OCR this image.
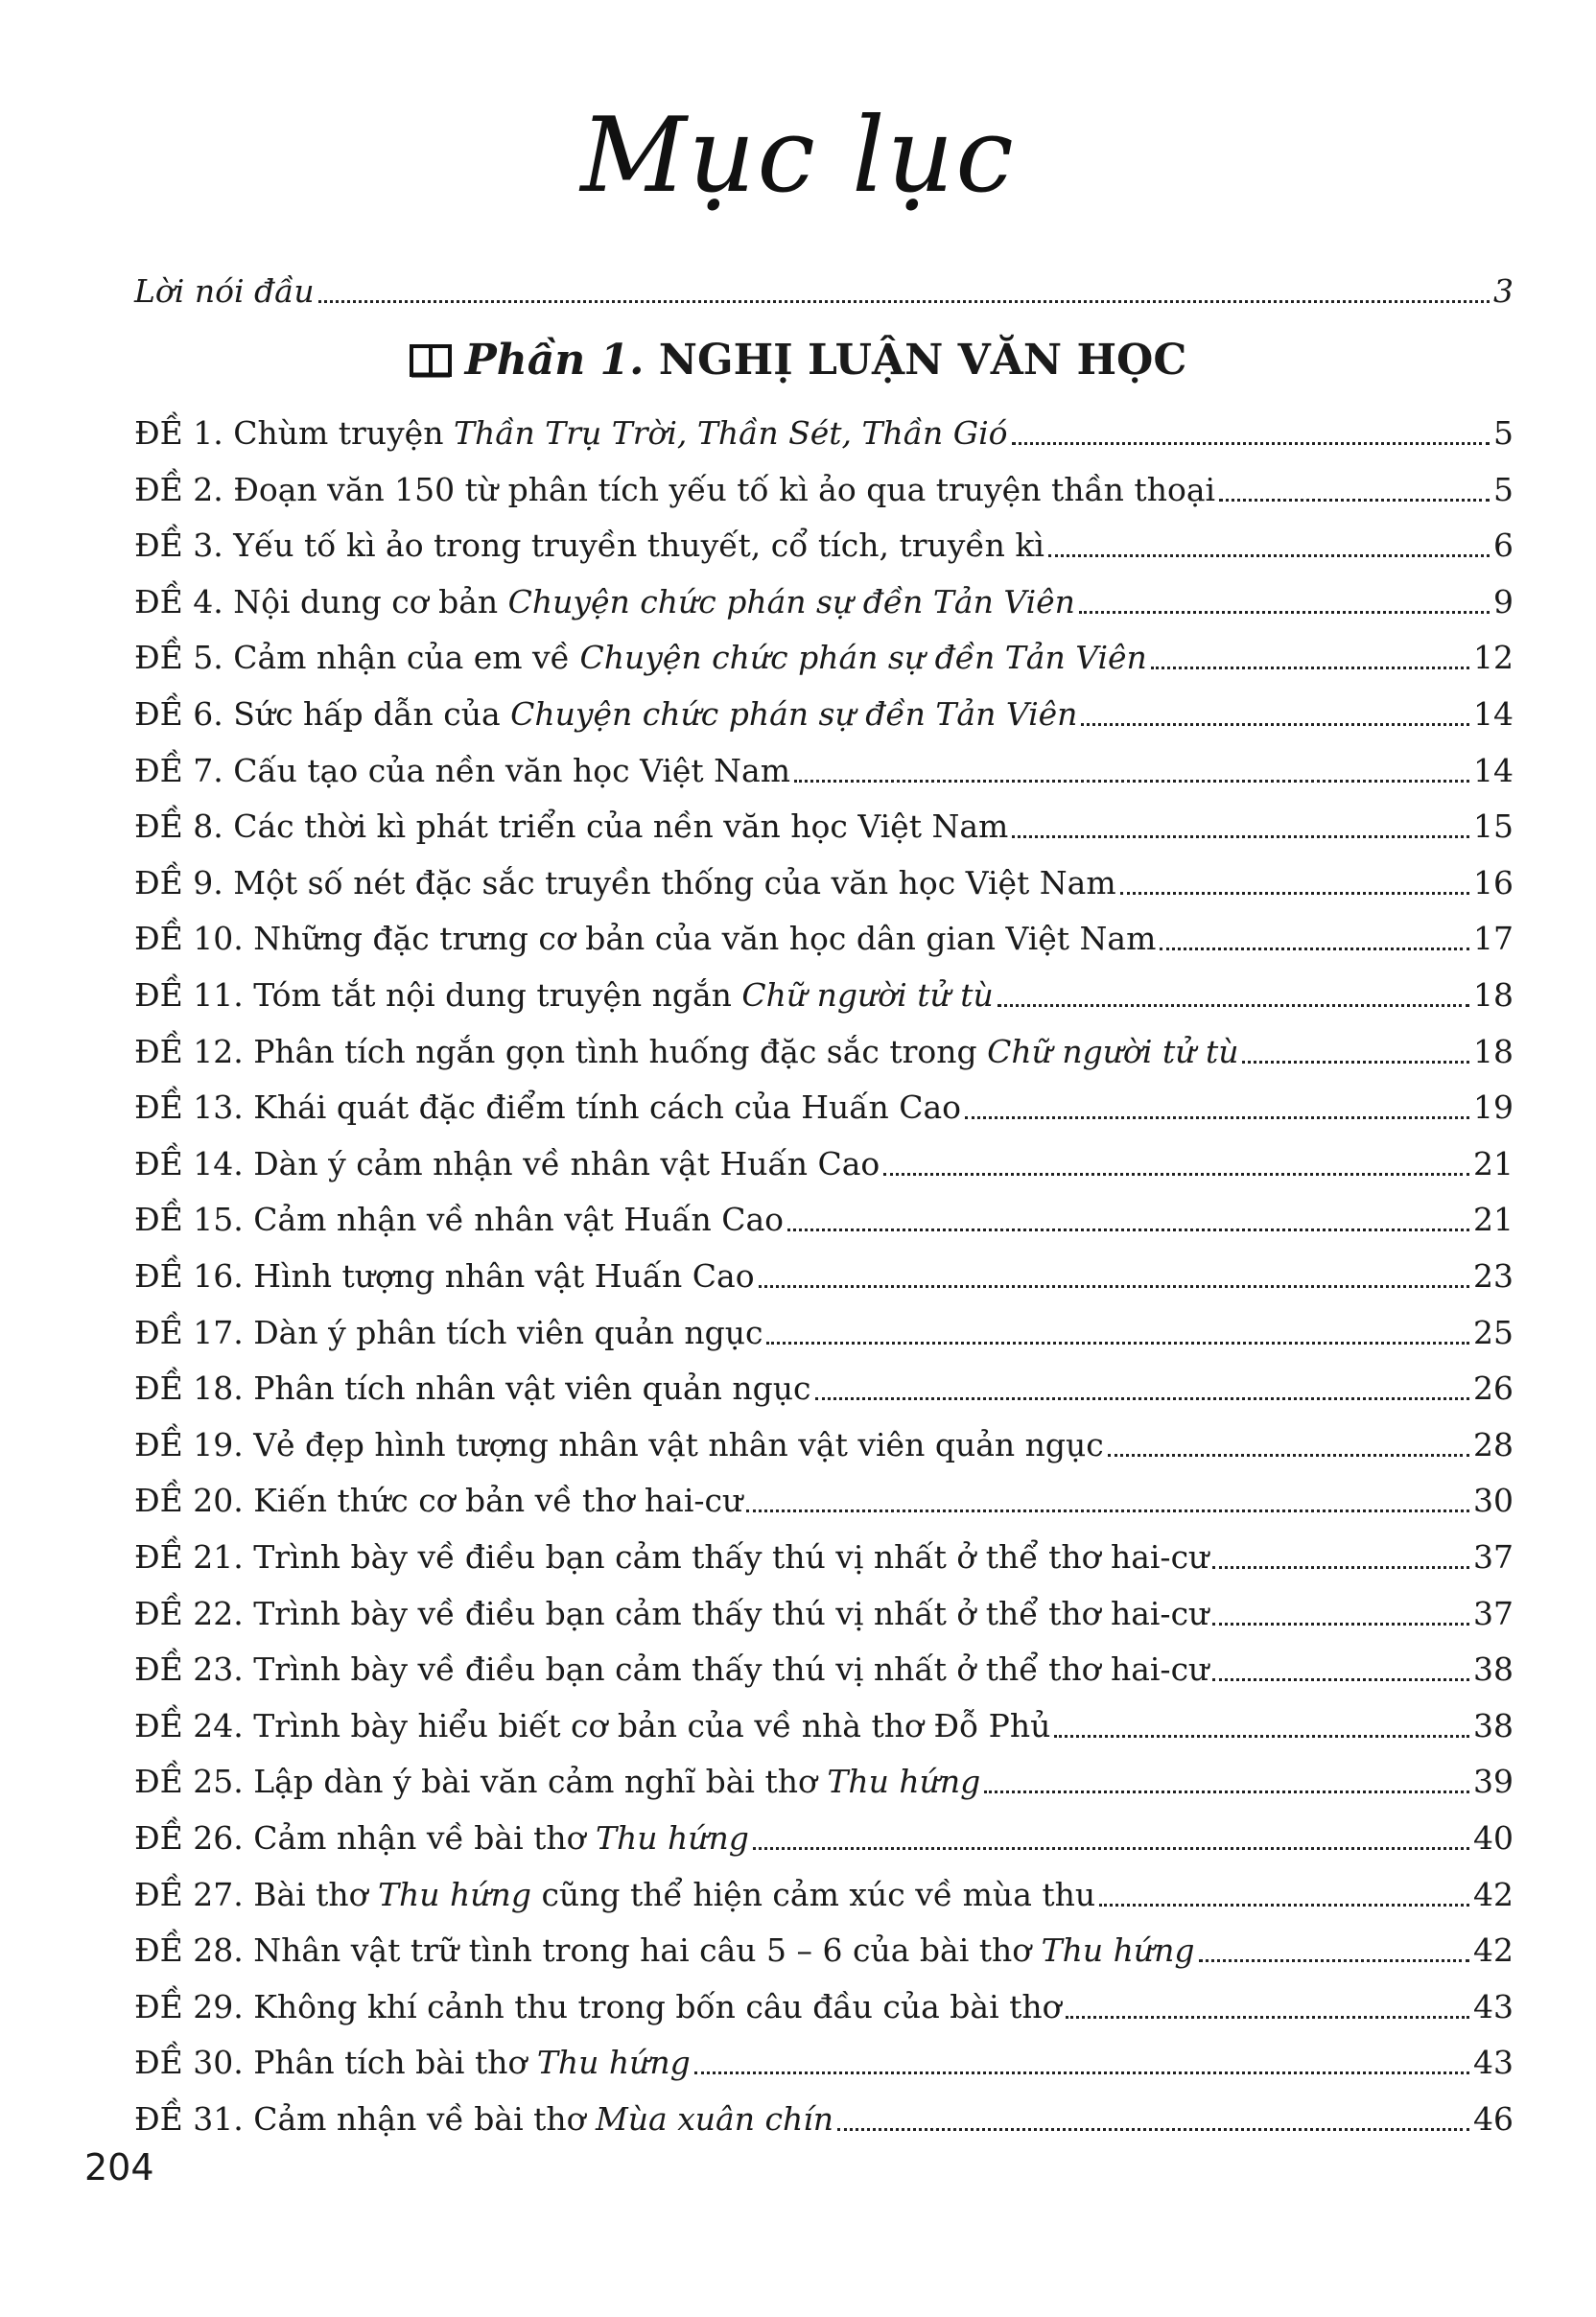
Mục lục
Lời nói đầu	3
Phần 1. NGHỊ LUẬN VĂN HỌC
ĐỀ 1. Chùm truyện Thần Trụ Trời, Thần Sét, Thần Gió	5
ĐỀ 2. Đoạn văn 150 từ phân tích yếu tố kì ảo qua truyện thần thoại	5
ĐỀ 3. Yếu tố kì ảo trong truyền thuyết, cổ tích, truyền kì	6
ĐỀ 4. Nội dung cơ bản Chuyện chức phán sự đền Tản Viên	9
ĐỀ 5. Cảm nhận của em về Chuyện chức phán sự đền Tản Viên	12
ĐỀ 6. Sức hấp dẫn của Chuyện chức phán sự đền Tản Viên	14
ĐỀ 7. Cấu tạo của nền văn học Việt Nam	14
ĐỀ 8. Các thời kì phát triển của nền văn học Việt Nam	15
ĐỀ 9. Một số nét đặc sắc truyền thống của văn học Việt Nam	16
ĐỀ 10. Những đặc trưng cơ bản của văn học dân gian Việt Nam	17
ĐỀ 11. Tóm tắt nội dung truyện ngắn Chữ người tử tù	18
ĐỀ 12. Phân tích ngắn gọn tình huống đặc sắc trong Chữ người tử tù	18
ĐỀ 13. Khái quát đặc điểm tính cách của Huấn Cao	19
ĐỀ 14. Dàn ý cảm nhận về nhân vật Huấn Cao	21
ĐỀ 15. Cảm nhận về nhân vật Huấn Cao	21
ĐỀ 16. Hình tượng nhân vật Huấn Cao	23
ĐỀ 17. Dàn ý phân tích viên quản ngục	25
ĐỀ 18. Phân tích nhân vật viên quản ngục	26
ĐỀ 19. Vẻ đẹp hình tượng nhân vật nhân vật viên quản ngục	28
ĐỀ 20. Kiến thức cơ bản về thơ hai-cư	30
ĐỀ 21. Trình bày về điều bạn cảm thấy thú vị nhất ở thể thơ hai-cư	37
ĐỀ 22. Trình bày về điều bạn cảm thấy thú vị nhất ở thể thơ hai-cư	37
ĐỀ 23. Trình bày về điều bạn cảm thấy thú vị nhất ở thể thơ hai-cư	38
ĐỀ 24. Trình bày hiểu biết cơ bản của về nhà thơ Đỗ Phủ	38
ĐỀ 25. Lập dàn ý bài văn cảm nghĩ bài thơ Thu hứng	39
ĐỀ 26. Cảm nhận về bài thơ Thu hứng	40
ĐỀ 27. Bài thơ Thu hứng cũng thể hiện cảm xúc về mùa thu	42
ĐỀ 28. Nhân vật trữ tình trong hai câu 5 – 6 của bài thơ Thu hứng	42
ĐỀ 29. Không khí cảnh thu trong bốn câu đầu của bài thơ	43
ĐỀ 30. Phân tích bài thơ Thu hứng	43
ĐỀ 31. Cảm nhận về bài thơ Mùa xuân chín	46
204
